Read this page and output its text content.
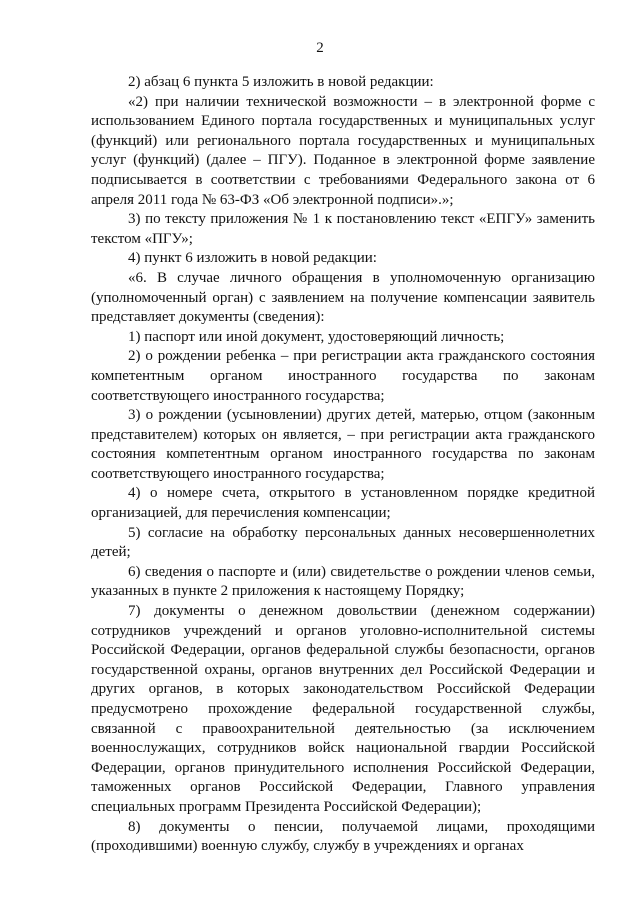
2

2) абзац 6 пункта 5 изложить в новой редакции:

«2) при наличии технической возможности – в электронной форме с использованием Единого портала государственных и муниципальных услуг (функций) или регионального портала государственных и муниципальных услуг (функций) (далее – ПГУ). Поданное в электронной форме заявление подписывается в соответствии с требованиями Федерального закона от 6 апреля 2011 года № 63-ФЗ «Об электронной подписи».»;

3) по тексту приложения № 1 к постановлению текст «ЕПГУ» заменить текстом «ПГУ»;

4) пункт 6 изложить в новой редакции:

«6. В случае личного обращения в уполномоченную организацию (уполномоченный орган) с заявлением на получение компенсации заявитель представляет документы (сведения):

1) паспорт или иной документ, удостоверяющий личность;

2) о рождении ребенка – при регистрации акта гражданского состояния компетентным органом иностранного государства по законам соответствующего иностранного государства;

3) о рождении (усыновлении) других детей, матерью, отцом (законным представителем) которых он является, – при регистрации акта гражданского состояния компетентным органом иностранного государства по законам соответствующего иностранного государства;

4) о номере счета, открытого в установленном порядке кредитной организацией, для перечисления компенсации;

5) согласие на обработку персональных данных несовершеннолетних детей;

6) сведения о паспорте и (или) свидетельстве о рождении членов семьи, указанных в пункте 2 приложения к настоящему Порядку;

7) документы о денежном довольствии (денежном содержании) сотрудников учреждений и органов уголовно-исполнительной системы Российской Федерации, органов федеральной службы безопасности, органов государственной охраны, органов внутренних дел Российской Федерации и других органов, в которых законодательством Российской Федерации предусмотрено прохождение федеральной государственной службы, связанной с правоохранительной деятельностью (за исключением военнослужащих, сотрудников войск национальной гвардии Российской Федерации, органов принудительного исполнения Российской Федерации, таможенных органов Российской Федерации, Главного управления специальных программ Президента Российской Федерации);

8) документы о пенсии, получаемой лицами, проходящими (проходившими) военную службу, службу в учреждениях и органах
